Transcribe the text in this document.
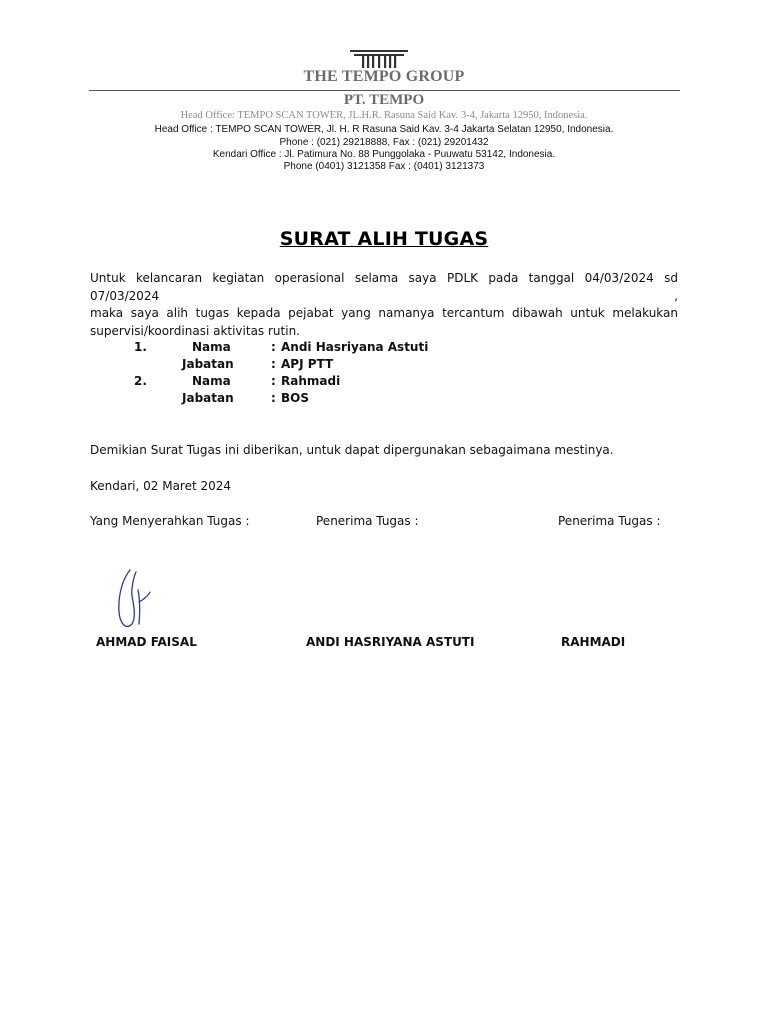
THE TEMPO GROUP
PT. TEMPO
Head Office: TEMPO SCAN TOWER, JL.H.R. Rasuna Said Kav. 3-4, Jakarta 12950, Indonesia.
Head Office : TEMPO SCAN TOWER, Jl. H. R Rasuna Said Kav. 3-4 Jakarta Selatan 12950, Indonesia.
Phone : (021) 29218888, Fax : (021) 29201432
Kendari Office : Jl. Patimura No. 88 Punggolaka - Puuwatu 53142, Indonesia.
Phone (0401) 3121358 Fax : (0401) 3121373
SURAT ALIH TUGAS
Untuk kelancaran kegiatan operasional selama saya PDLK pada tanggal 04/03/2024 sd 07/03/2024 ,
maka saya alih tugas kepada pejabat yang namanya tercantum dibawah untuk melakukan
supervisi/koordinasi aktivitas rutin.
1.	Nama	: Andi Hasriyana Astuti
Jabatan	: APJ PTT
2.	Nama	: Rahmadi
Jabatan	: BOS
Demikian Surat Tugas ini diberikan, untuk dapat dipergunakan sebagaimana mestinya.
Kendari, 02 Maret 2024
Yang Menyerahkan Tugas :	Penerima Tugas :	Penerima Tugas :
AHMAD FAISAL	ANDI HASRIYANA ASTUTI	RAHMADI
